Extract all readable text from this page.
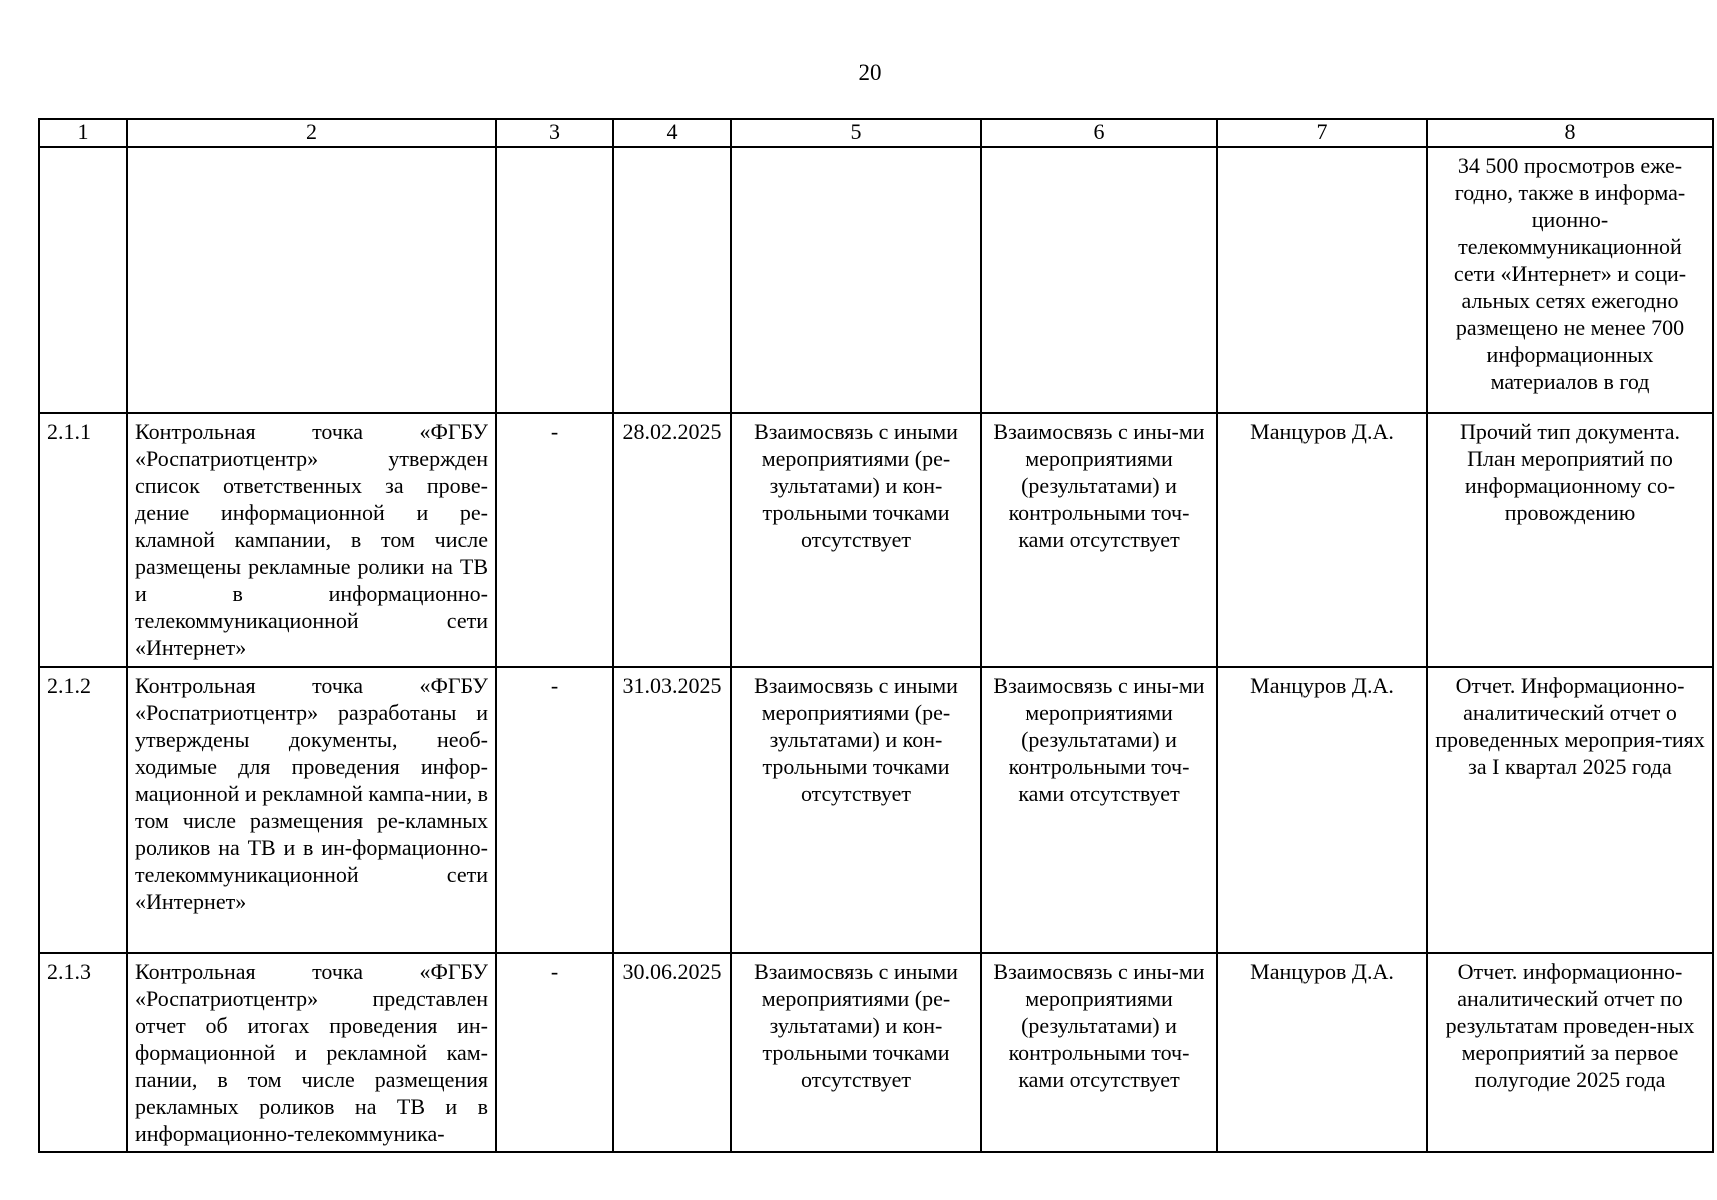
20
1	2	3	4	5	6	7	8
							34 500 просмотров еже-годно, также в информа-ционно-телекоммуникационной сети «Интернет» и соци-альных сетях ежегодно размещено не менее 700 информационных материалов в год
2.1.1	Контрольная точка «ФГБУ «Роспатриотцентр» утвержден список ответственных за прове-дение информационной и ре-кламной кампании, в том числе размещены рекламные ролики на ТВ и в информационно-телекоммуникационной сети «Интернет»	-	28.02.2025	Взаимосвязь с иными мероприятиями (ре-зультатами) и кон-трольными точками отсутствует	Взаимосвязь с ины-ми мероприятиями (результатами) и контрольными точ-ками отсутствует	Манцуров Д.А.	Прочий тип документа. План мероприятий по информационному со-провождению
2.1.2	Контрольная точка «ФГБУ «Роспатриотцентр» разработаны и утверждены документы, необ-ходимые для проведения инфор-мационной и рекламной кампа-нии, в том числе размещения ре-кламных роликов на ТВ и в ин-формационно-телекоммуникационной сети «Интернет»	-	31.03.2025	Взаимосвязь с иными мероприятиями (ре-зультатами) и кон-трольными точками отсутствует	Взаимосвязь с ины-ми мероприятиями (результатами) и контрольными точ-ками отсутствует	Манцуров Д.А.	Отчет. Информационно-аналитический отчет о проведенных мероприя-тиях за I квартал 2025 года
2.1.3	Контрольная точка «ФГБУ «Роспатриотцентр» представлен отчет об итогах проведения ин-формационной и рекламной кам-пании, в том числе размещения рекламных роликов на ТВ и в информационно-телекоммуника-	-	30.06.2025	Взаимосвязь с иными мероприятиями (ре-зультатами) и кон-трольными точками отсутствует	Взаимосвязь с ины-ми мероприятиями (результатами) и контрольными точ-ками отсутствует	Манцуров Д.А.	Отчет. информационно-аналитический отчет по результатам проведен-ных мероприятий за первое полугодие 2025 года
